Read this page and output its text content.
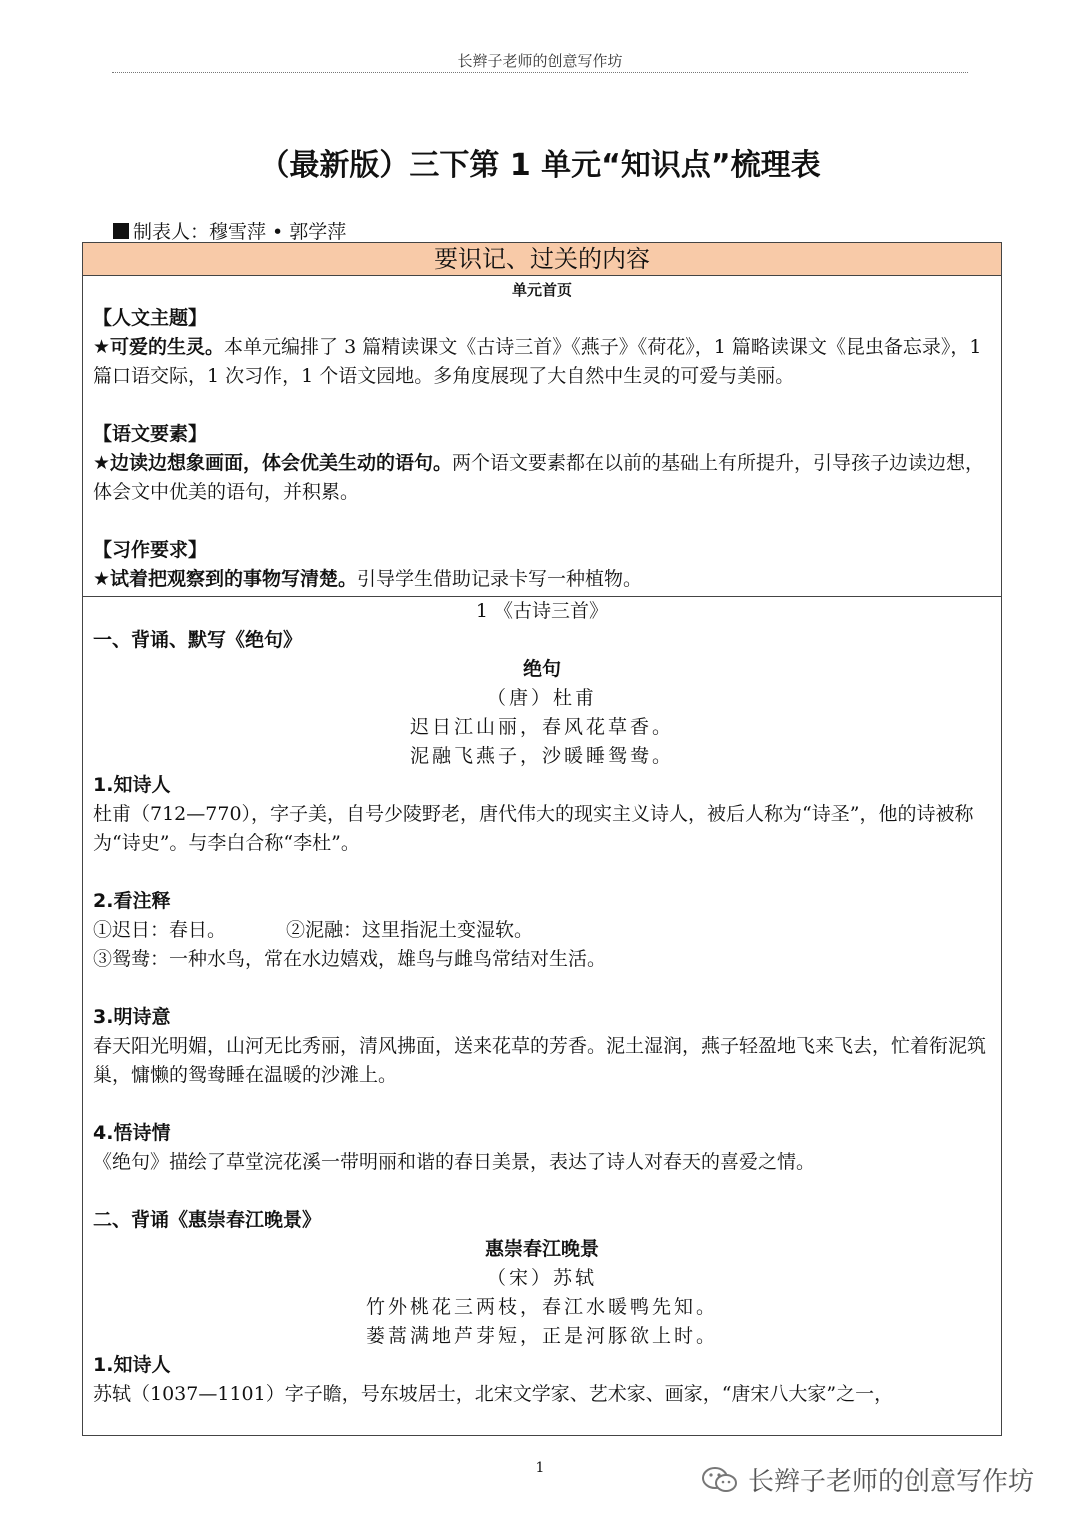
长辫子老师的创意写作坊
（最新版）三下第 1 单元“知识点”梳理表
制表人：穆雪萍 • 郭学萍
要识记、过关的内容

单元首页

【人文主题】

★可爱的生灵。本单元编排了 3 篇精读课文《古诗三首》《燕子》《荷花》，1 篇略读课文《昆虫备忘录》，1 篇口语交际，1 次习作，1 个语文园地。多角度展现了大自然中生灵的可爱与美丽。

【语文要素】

★边读边想象画面，体会优美生动的语句。两个语文要素都在以前的基础上有所提升，引导孩子边读边想，体会文中优美的语句，并积累。

【习作要求】

★试着把观察到的事物写清楚。引导学生借助记录卡写一种植物。

1 《古诗三首》

一、背诵、默写《绝句》

绝句

（唐）杜甫

迟日江山丽，春风花草香。

泥融飞燕子，沙暖睡鸳鸯。

1.知诗人

杜甫（712—770），字子美，自号少陵野老，唐代伟大的现实主义诗人，被后人称为“诗圣”，他的诗被称为“诗史”。与李白合称“李杜”。

2.看注释

①迟日：春日。	②泥融：这里指泥土变湿软。

③鸳鸯：一种水鸟，常在水边嬉戏，雄鸟与雌鸟常结对生活。

3.明诗意

春天阳光明媚，山河无比秀丽，清风拂面，送来花草的芳香。泥土湿润，燕子轻盈地飞来飞去，忙着衔泥筑巢，慵懒的鸳鸯睡在温暖的沙滩上。

4.悟诗情

《绝句》描绘了草堂浣花溪一带明丽和谐的春日美景，表达了诗人对春天的喜爱之情。

二、背诵《惠崇春江晚景》

惠崇春江晚景

（宋）苏轼

竹外桃花三两枝，春江水暖鸭先知。

蒌蒿满地芦芽短，正是河豚欲上时。

1.知诗人

苏轼（1037—1101）字子瞻，号东坡居士，北宋文学家、艺术家、画家，“唐宋八大家”之一，

1	长辫子老师的创意写作坊
